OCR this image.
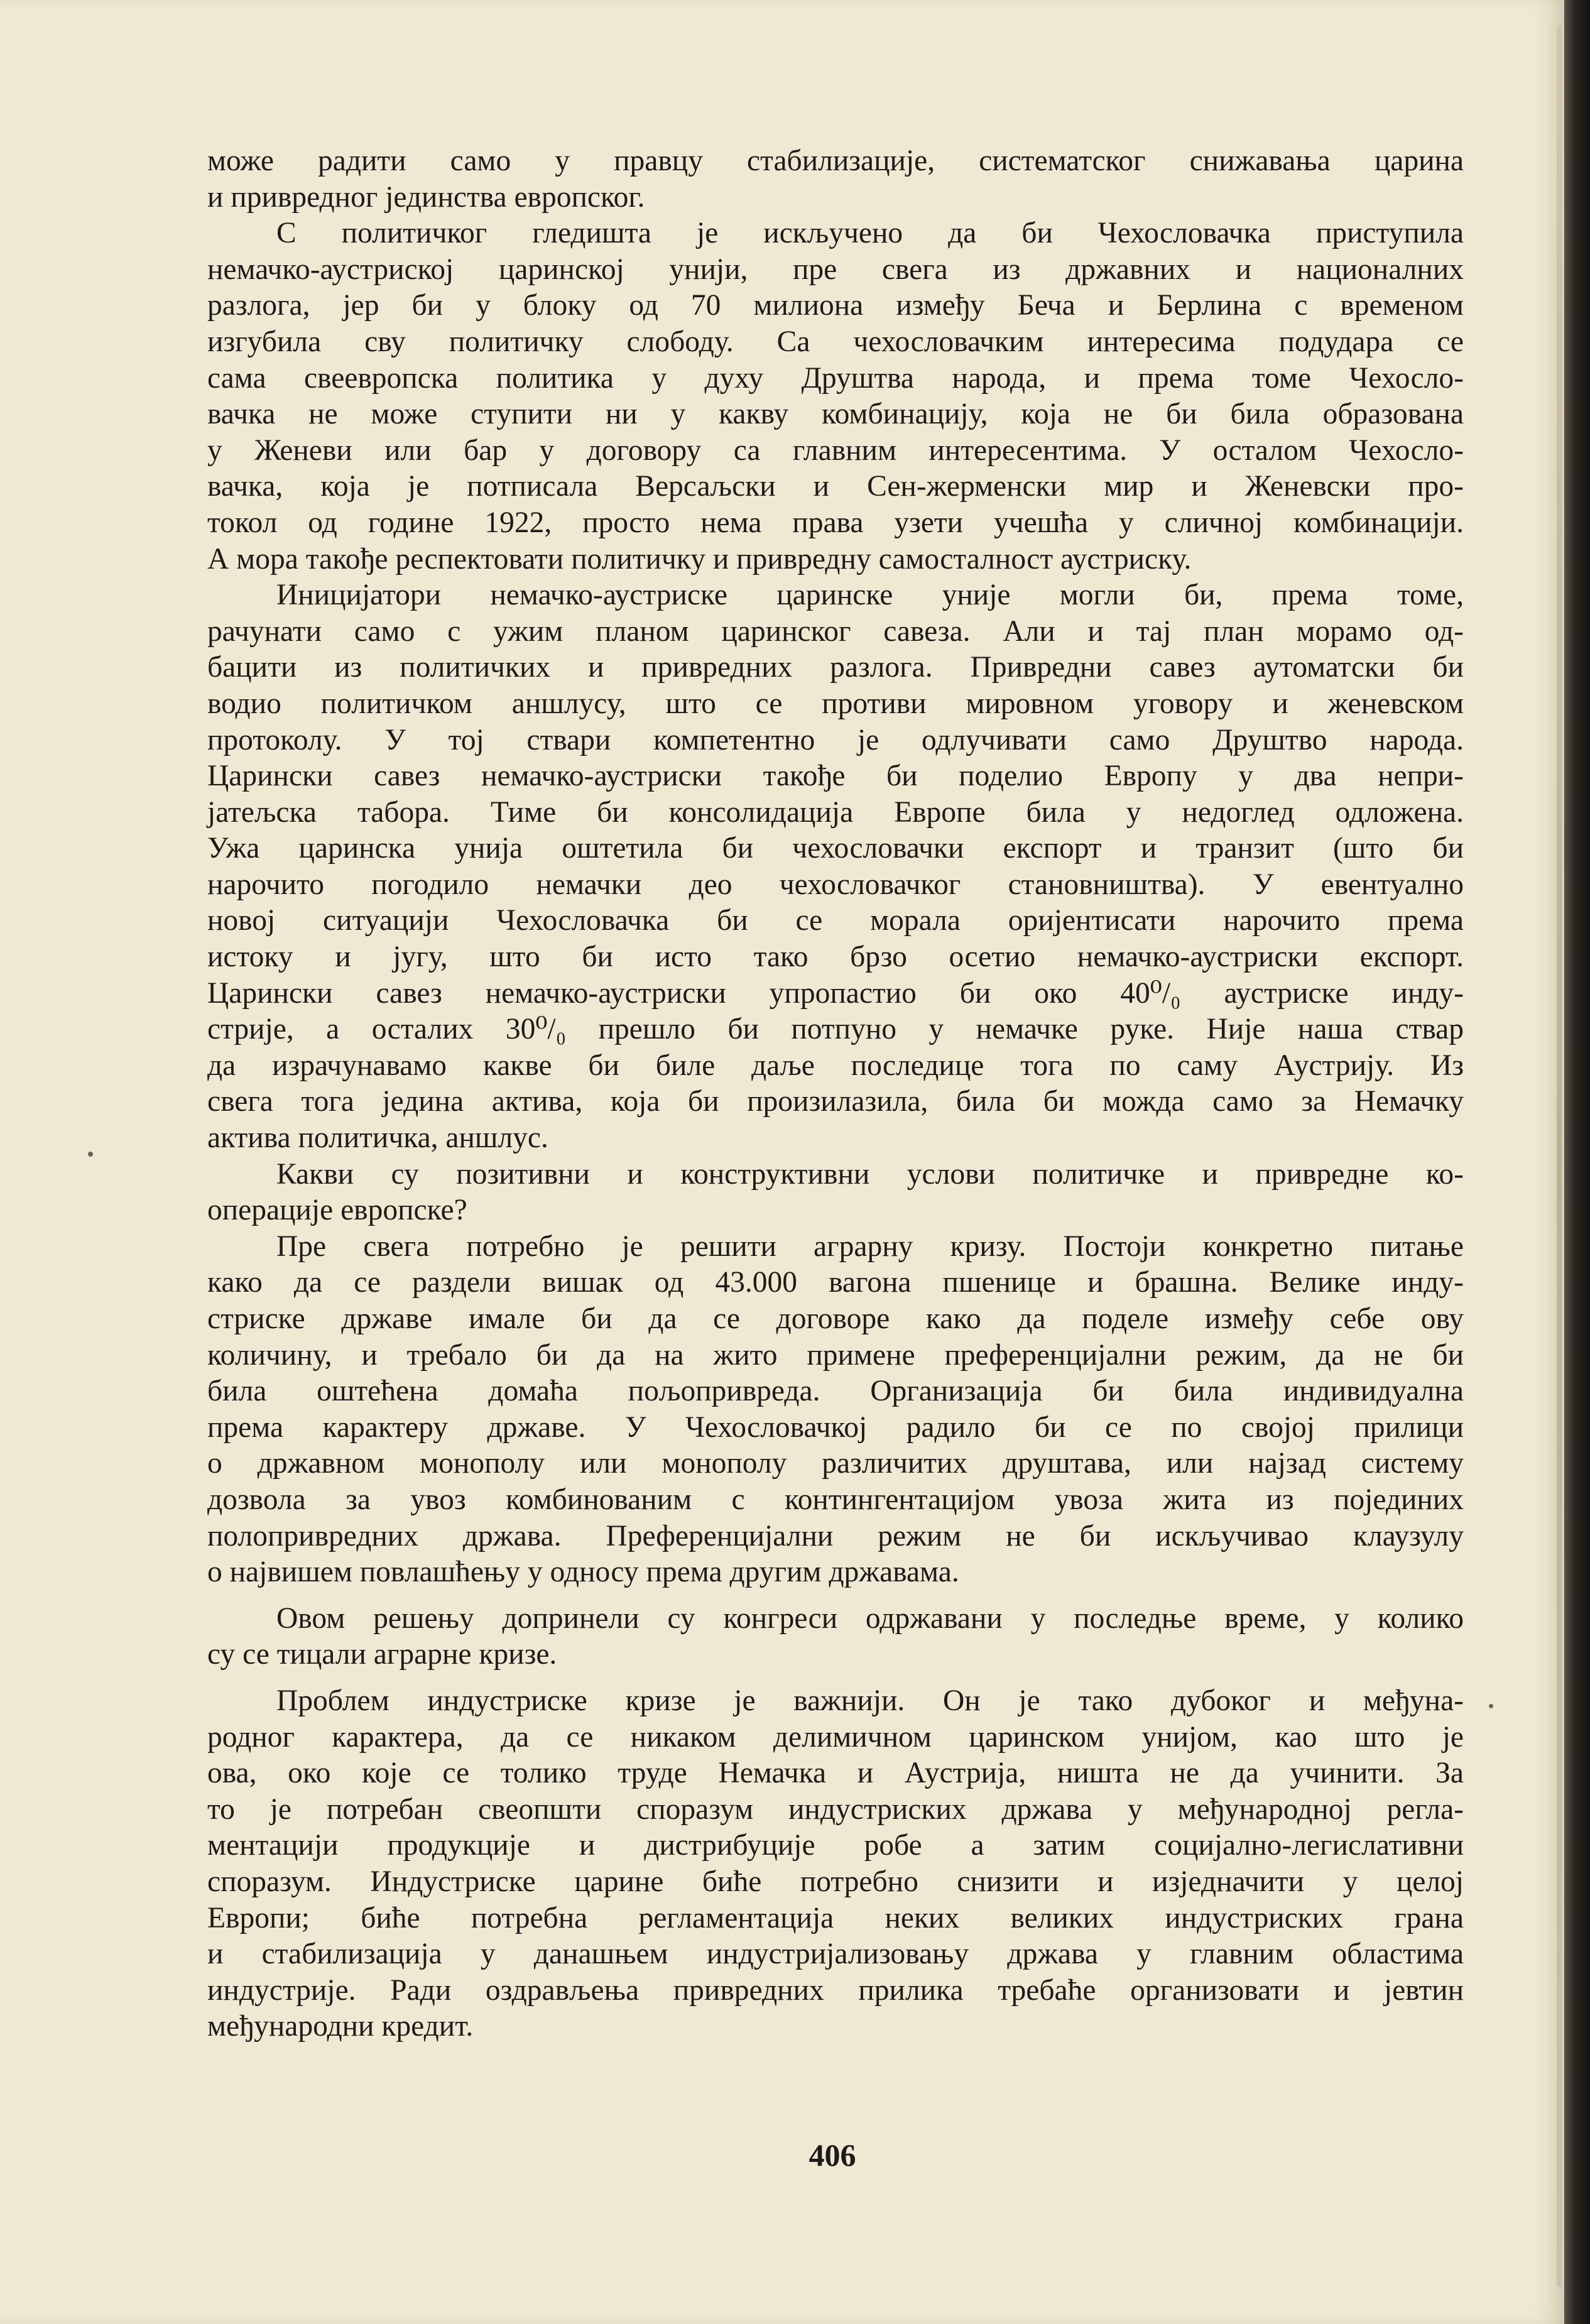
може радити само у правцу стабилизације, систематског снижавања царина
и привредног јединства европског.
С политичког гледишта је искључено да би Чехословачка приступила
немачко-аустриској царинској унији, пре свега из државних и националних
разлога, јер би у блоку од 70 милиона између Беча и Берлина с временом
изгубила сву политичку слободу. Са чехословачким интересима подудара се
сама свеевропска политика у духу Друштва народа, и према томе Чехосло-
вачка не може ступити ни у какву комбинацију, која не би била образована
у Женеви или бар у договору са главним интересентима. У осталом Чехосло-
вачка, која је потписала Версаљски и Сен-жермeнски мир и Женевски про-
токол од године 1922, просто нема права узети учешћа у сличној комбинацији.
А мора такође респектовати политичку и привредну самосталност аустриску.
Иницијатори немачко-аустриске царинске уније могли би, према томе,
рачунати само с ужим планом царинског савеза. Али и тај план морамо од-
бацити из политичких и привредних разлога. Привредни савез аутоматски би
водио политичком аншлусу, што се противи мировном уговору и женевском
протоколу. У тој ствари компетентно је одлучивати само Друштво народа.
Царински савез немачко-аустриски такође би поделио Европу у два непри-
јатељска табора. Тиме би консолидација Европе била у недоглед одложена.
Ужа царинска унија оштетила би чехословачки експорт и транзит (што би
нарочито погодило немачки део чехословачког становништва). У евентуално
новој ситуацији Чехословачка би се морала оријентисати нарочито према
истоку и југу, што би исто тако брзо осетио немачко-аустриски експорт.
Царински савез немачко-аустриски упропастио би око 40⁰/₀ аустриске инду-
стрије, а осталих 30⁰/₀ прешло би потпуно у немачке руке. Није наша ствар
да израчунавамо какве би биле даље последице тога по саму Аустрију. Из
свега тога јединa актива, која би произилазила, била би можда само за Немачку
актива политичка, аншлус.
Какви су позитивни и конструктивни услови политичке и привредне ко-
операције европске?
Пре свега потребно је решити аграрну кризу. Постоји конкретно питање
како да се раздели вишак од 43.000 вагона пшенице и брашна. Велике инду-
стриске државе имале би да се договоре како да поделе између себе ову
количину, и требало би да на жито примене преференцијални режим, да не би
била оштећена домаћа пољопривреда. Организација би била индивидуална
према карактеру државе. У Чехословачкој радило би се по својој прилици
о државном монополу или монополу различитих друштава, или најзад систему
дозвола за увоз комбинованим с контингентацијом увоза жита из појединих
полопривредних држава. Преференцијални режим не би искључивао клаузулу
о највишем повлашћењу у односу према другим државама.
Овом решењу допринели су конгреси одржавани у последње време, у колико
су се тицали аграрне кризе.
Проблем индустриске кризе је важнији. Он је тако дубоког и међуна-
родног карактера, да се никаком делимичном царинском унијом, као што је
ова, око које се толико труде Немачка и Аустрија, ништа не да учинити. За
то је потребан свеопшти споразум индустриских држава у међународној регла-
ментацији продукције и дистрибуције робе а затим социјално-легислативни
споразум. Индустриске царине биће потребно снизити и изједначити у целој
Европи; биће потребна регламентација неких великих индустриских грана
и стабилизација у данашњем индустријализовању држава у главним областима
индустрије. Ради оздрављења привредних прилика требаће организовати и јевтин
међународни кредит.
406
